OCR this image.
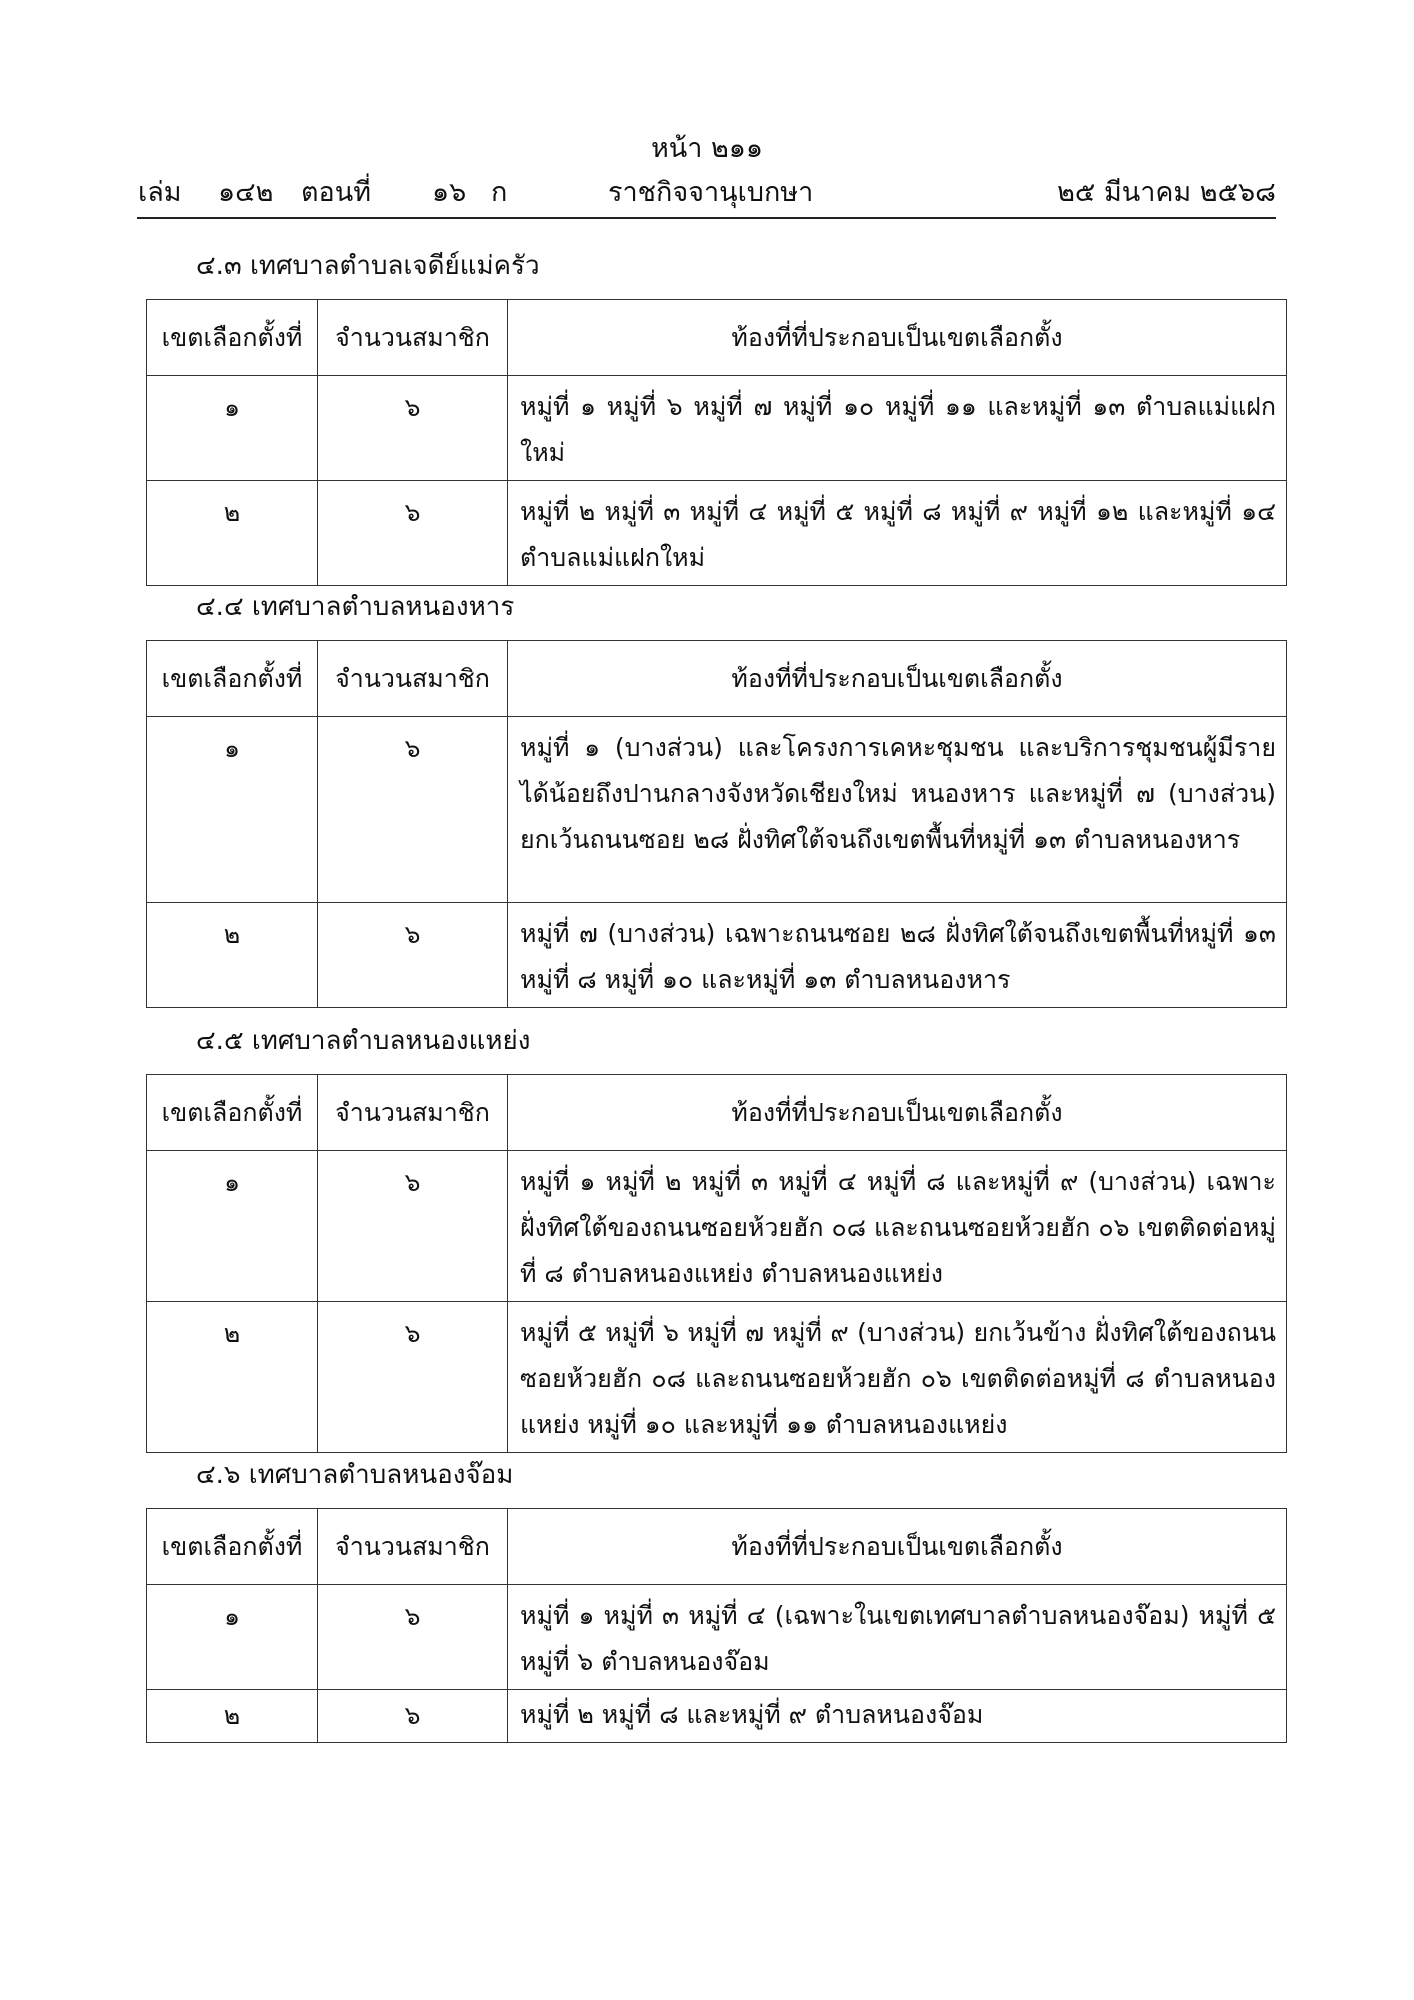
หน้า ๒๑๑
เล่ม ๑๔๒ ตอนที่ ๑๖ ก	ราชกิจจานุเบกษา	๒๕ มีนาคม ๒๕๖๘
๔.๓ เทศบาลตำบลเจดีย์แม่ครัว
เขตเลือกตั้งที่	จำนวนสมาชิก	ท้องที่ที่ประกอบเป็นเขตเลือกตั้ง
๑	๖	หมู่ที่ ๑ หมู่ที่ ๖ หมู่ที่ ๗ หมู่ที่ ๑๐ หมู่ที่ ๑๑ และหมู่ที่ ๑๓ ตำบลแม่แฝกใหม่
๒	๖	หมู่ที่ ๒ หมู่ที่ ๓ หมู่ที่ ๔ หมู่ที่ ๕ หมู่ที่ ๘ หมู่ที่ ๙ หมู่ที่ ๑๒ และหมู่ที่ ๑๔ ตำบลแม่แฝกใหม่
๔.๔ เทศบาลตำบลหนองหาร
เขตเลือกตั้งที่	จำนวนสมาชิก	ท้องที่ที่ประกอบเป็นเขตเลือกตั้ง
๑	๖	หมู่ที่ ๑ (บางส่วน) และโครงการเคหะชุมชน และบริการชุมชนผู้มีรายได้น้อยถึงปานกลางจังหวัดเชียงใหม่ หนองหาร และหมู่ที่ ๗ (บางส่วน) ยกเว้นถนนซอย ๒๘ ฝั่งทิศใต้จนถึงเขตพื้นที่หมู่ที่ ๑๓ ตำบลหนองหาร
๒	๖	หมู่ที่ ๗ (บางส่วน) เฉพาะถนนซอย ๒๘ ฝั่งทิศใต้จนถึงเขตพื้นที่หมู่ที่ ๑๓ หมู่ที่ ๘ หมู่ที่ ๑๐ และหมู่ที่ ๑๓ ตำบลหนองหาร
๔.๕ เทศบาลตำบลหนองแหย่ง
เขตเลือกตั้งที่	จำนวนสมาชิก	ท้องที่ที่ประกอบเป็นเขตเลือกตั้ง
๑	๖	หมู่ที่ ๑ หมู่ที่ ๒ หมู่ที่ ๓ หมู่ที่ ๔ หมู่ที่ ๘ และหมู่ที่ ๙ (บางส่วน) เฉพาะ ฝั่งทิศใต้ของถนนซอยห้วยฮัก ๐๘ และถนนซอยห้วยฮัก ๐๖ เขตติดต่อหมู่ที่ ๘ ตำบลหนองแหย่ง ตำบลหนองแหย่ง
๒	๖	หมู่ที่ ๕ หมู่ที่ ๖ หมู่ที่ ๗ หมู่ที่ ๙ (บางส่วน) ยกเว้นข้าง ฝั่งทิศใต้ของถนนซอยห้วยฮัก ๐๘ และถนนซอยห้วยฮัก ๐๖ เขตติดต่อหมู่ที่ ๘ ตำบลหนองแหย่ง หมู่ที่ ๑๐ และหมู่ที่ ๑๑ ตำบลหนองแหย่ง
๔.๖ เทศบาลตำบลหนองจ๊อม
เขตเลือกตั้งที่	จำนวนสมาชิก	ท้องที่ที่ประกอบเป็นเขตเลือกตั้ง
๑	๖	หมู่ที่ ๑ หมู่ที่ ๓ หมู่ที่ ๔ (เฉพาะในเขตเทศบาลตำบลหนองจ๊อม) หมู่ที่ ๕ หมู่ที่ ๖ ตำบลหนองจ๊อม
๒	๖	หมู่ที่ ๒ หมู่ที่ ๘ และหมู่ที่ ๙ ตำบลหนองจ๊อม
